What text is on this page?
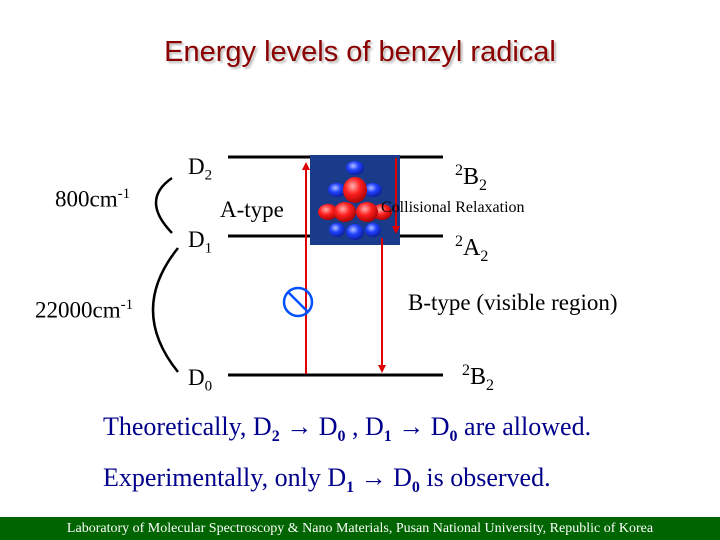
Energy levels of benzyl radical
$D_2$
$D_1$
$D_0$
$^2B_2$
$^2A_2$
$^2B_2$
$800cm^{-1}$
$22000cm^{-1}$
A-type	Collisional Relaxation
B-type (visible region)
Theoretically, $D_2 \to D_0$ , $D_1 \to D_0$ are allowed.
Experimentally, only $D_1 \to D_0$ is observed.
Laboratory of Molecular Spectroscopy & Nano Materials, Pusan National University, Republic of Korea
